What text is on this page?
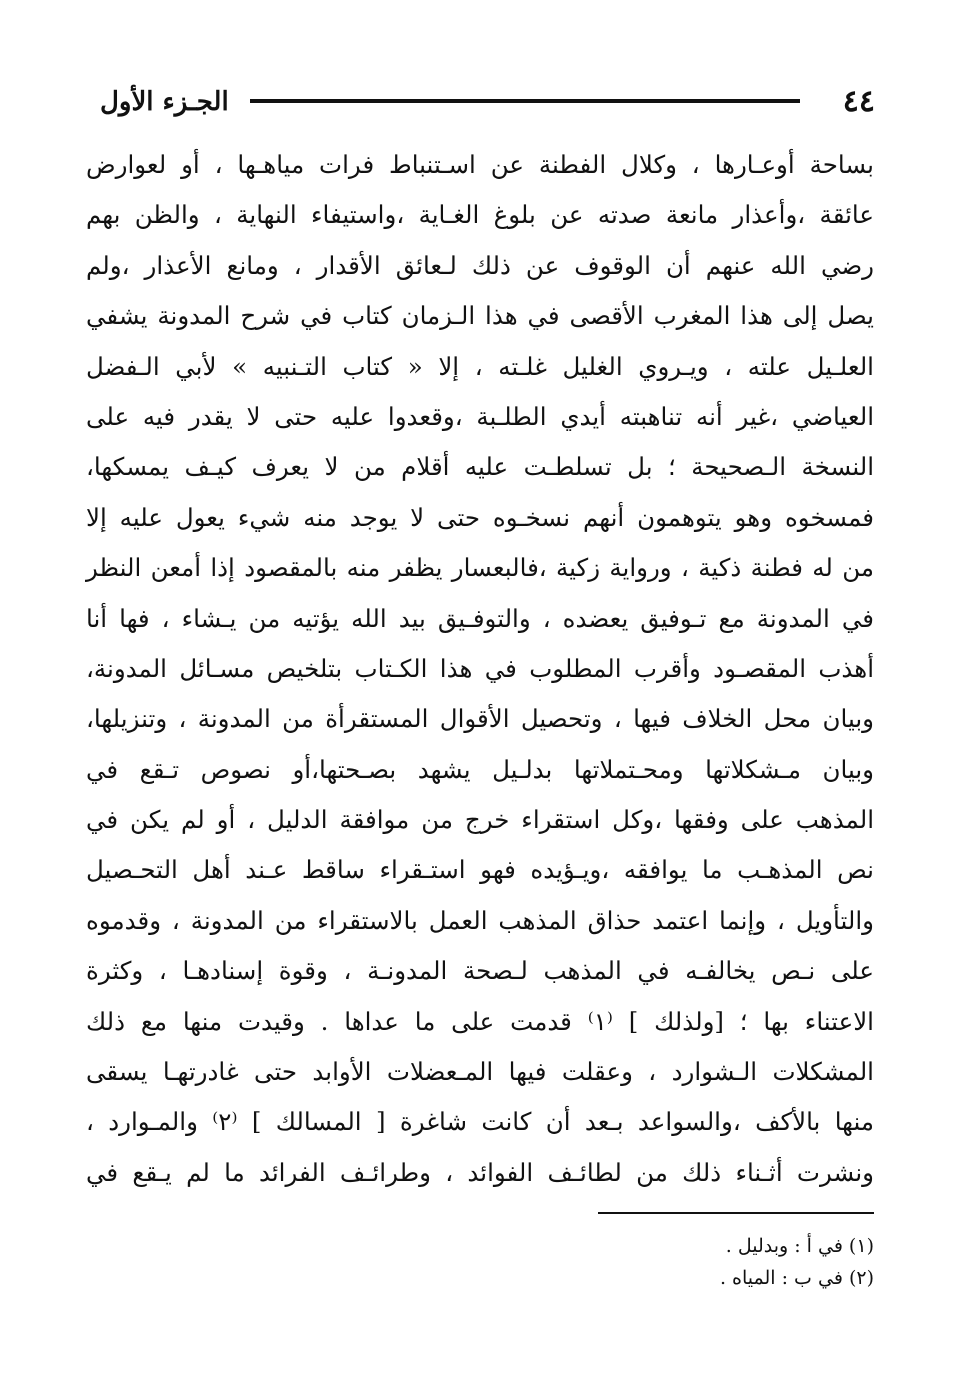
٤٤
الجـزء الأول
بساحة أوعـارها ، وكلال الفطنة عن اسـتنباط فرات مياهـها ، أو لعوارض
عائقة ،وأعذار مانعة صدته عن بلوغ الغـاية ،واستيفاء النهاية ، والظن بهم
رضي الله عنهم أن الوقوف عن ذلك لـعائق الأقدار ، ومانع الأعذار ،ولم
يصل إلى هذا المغرب الأقصى في هذا الـزمان كتاب في شرح المدونة يشفي
العلـيل علته ، ويـروي الغليل غلـته ، إلا « كتاب التـنبيه » لأبي الـفضل
العياضي ،غير أنه تناهبته أيدي الطلـبة ،وقعدوا عليه حتى لا يقدر فيه على
النسخة الـصحيحة ؛ بل تسلطـت عليه أقلام من لا يعرف كيـف يمسكها،
فمسخوه وهو يتوهمون أنهم نسخـوه حتى لا يوجد منه شيء يعول عليه إلا
من له فطنة ذكية ، ورواية زكية ،فالبعسار يظفر منه بالمقصود إذا أمعن النظر
في المدونة مع تـوفيق يعضده ، والتوفـيق بيد الله يؤتيه من يـشاء ، فها أنا
أهذب المقصـود وأقرب المطلوب في هذا الكـتاب بتلخيص مسـائل المدونة،
وبيان محل الخلاف فيها ، وتحصيل الأقوال المستقرأة من المدونة ، وتنزيلها،
وبيان مـشكلاتها ومحـتملاتها بدلـيل يشهد بصـحتها،أو نصوص تـقع في
المذهب على وفقها ،وكل استقراء خرج من موافقة الدليل ، أو لم يكن في
نص المذهـب ما يوافقه ،ويـؤيده فهو استـقراء ساقط عـند أهل التحـصيل
والتأويل ، وإنما اعتمد حذاق المذهب العمل بالاستقراء من المدونة ، وقدموه
على نـص يخالفـه في المذهب لـصحة المدونـة ، وقوة إسنادهـا ، وكثرة
الاعتناء بها ؛ [ولذلك ] ⁽١⁾ قدمت على ما عداها . وقيدت منها مع ذلك
المشكلات الـشوارد ، وعقلت فيها المـعضلات الأوابد حتى غادرتهـا يسقى
منها بالأكف ،والسواعد بـعد أن كانت شاغرة [ المسالك ] ⁽٢⁾ والمـوارد ،
ونشرت أثـناء ذلك من لطائـف الفوائد ، وطرائـف الفرائد ما لم يـقع في
(١) في أ : وبدليل .
(٢) في ب : المياه .
